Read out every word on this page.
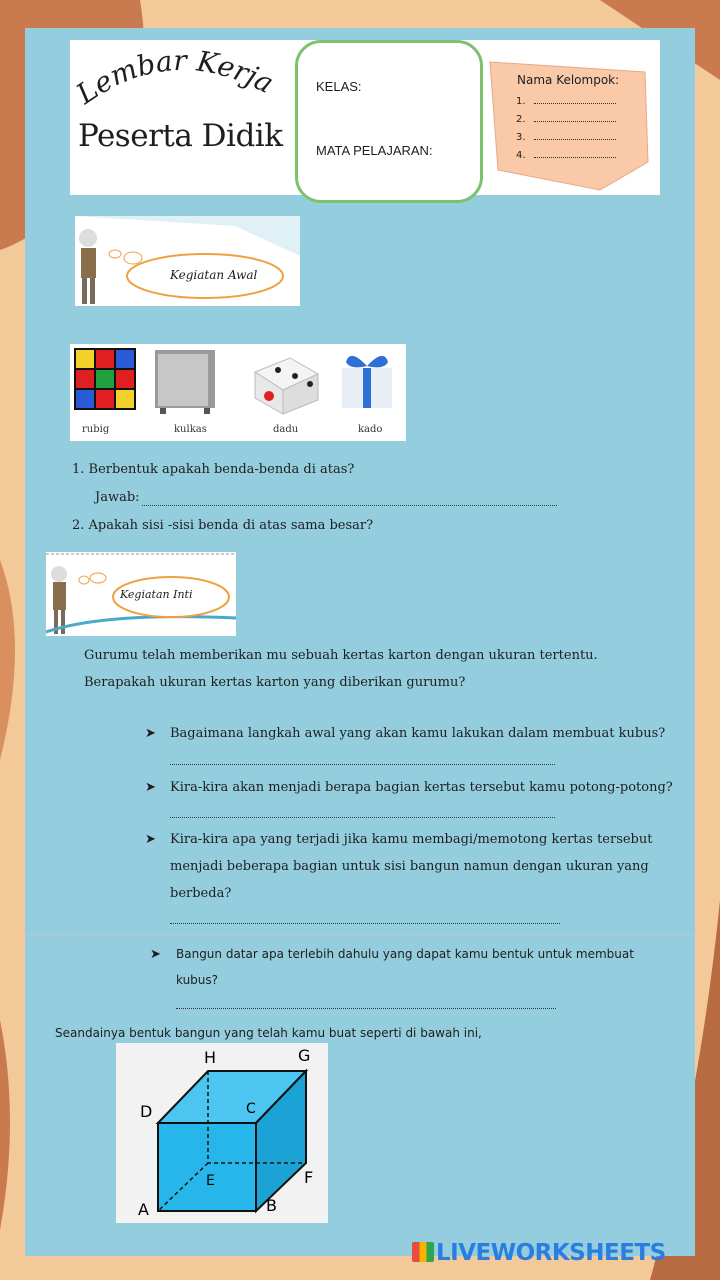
Lembar Kerja
Peserta Didik
KELAS:
MATA PELAJARAN:
Nama Kelompok:
1.
2.
3.
4.
Kegiatan Awal
rubig	kulkas	dadu	kado
1. Berbentuk apakah benda-benda di atas?
Jawab:
2. Apakah sisi -sisi benda di atas sama besar?
Kegiatan Inti
Gurumu telah memberikan mu sebuah kertas karton dengan ukuran tertentu.
Berapakah ukuran kertas karton yang diberikan gurumu?
➤ Bagaimana langkah awal yang akan kamu lakukan dalam membuat kubus?
➤ Kira-kira akan menjadi berapa bagian kertas tersebut kamu potong-potong?
➤ Kira-kira apa yang terjadi jika kamu membagi/memotong kertas tersebut
menjadi beberapa bagian untuk sisi bangun namun dengan ukuran yang
berbeda?
➤ Bangun datar apa terlebih dahulu yang dapat kamu bentuk untuk membuat
kubus?
Seandainya bentuk bangun yang telah kamu buat seperti di bawah ini,
A	B
C
D
E	F
G
H
LIVEWORKSHEETS
